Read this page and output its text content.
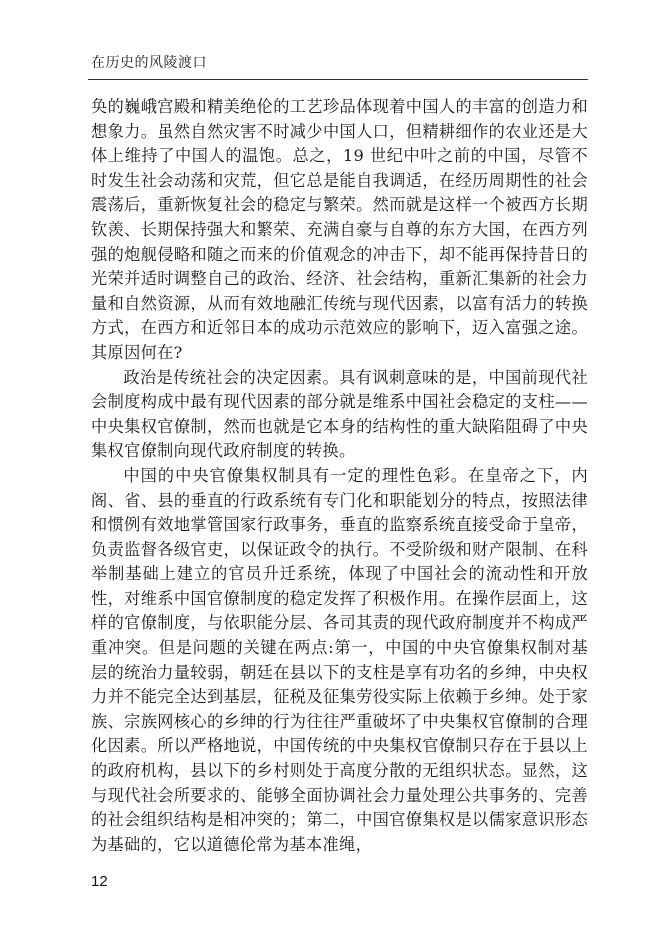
在历史的风陵渡口

奂的巍峨宫殿和精美绝伦的工艺珍品体现着中国人的丰富的创造力和想象力。虽然自然灾害不时减少中国人口，但精耕细作的农业还是大体上维持了中国人的温饱。总之，19 世纪中叶之前的中国，尽管不时发生社会动荡和灾荒，但它总是能自我调适，在经历周期性的社会震荡后，重新恢复社会的稳定与繁荣。然而就是这样一个被西方长期钦羡、长期保持强大和繁荣、充满自豪与自尊的东方大国，在西方列强的炮舰侵略和随之而来的价值观念的冲击下，却不能再保持昔日的光荣并适时调整自己的政治、经济、社会结构，重新汇集新的社会力量和自然资源，从而有效地融汇传统与现代因素，以富有活力的转换方式，在西方和近邻日本的成功示范效应的影响下，迈入富强之途。其原因何在?

政治是传统社会的决定因素。具有讽刺意味的是，中国前现代社会制度构成中最有现代因素的部分就是维系中国社会稳定的支柱——中央集权官僚制，然而也就是它本身的结构性的重大缺陷阻碍了中央集权官僚制向现代政府制度的转换。

中国的中央官僚集权制具有一定的理性色彩。在皇帝之下，内阁、省、县的垂直的行政系统有专门化和职能划分的特点，按照法律和惯例有效地掌管国家行政事务，垂直的监察系统直接受命于皇帝，负责监督各级官吏，以保证政令的执行。不受阶级和财产限制、在科举制基础上建立的官员升迁系统，体现了中国社会的流动性和开放性，对维系中国官僚制度的稳定发挥了积极作用。在操作层面上，这样的官僚制度，与依职能分层、各司其责的现代政府制度并不构成严重冲突。但是问题的关键在两点:第一，中国的中央官僚集权制对基层的统治力量较弱，朝廷在县以下的支柱是享有功名的乡绅，中央权力并不能完全达到基层，征税及征集劳役实际上依赖于乡绅。处于家族、宗族网核心的乡绅的行为往往严重破坏了中央集权官僚制的合理化因素。所以严格地说，中国传统的中央集权官僚制只存在于县以上的政府机构，县以下的乡村则处于高度分散的无组织状态。显然，这与现代社会所要求的、能够全面协调社会力量处理公共事务的、完善的社会组织结构是相冲突的；第二，中国官僚集权是以儒家意识形态为基础的，它以道德伦常为基本准绳，

12
